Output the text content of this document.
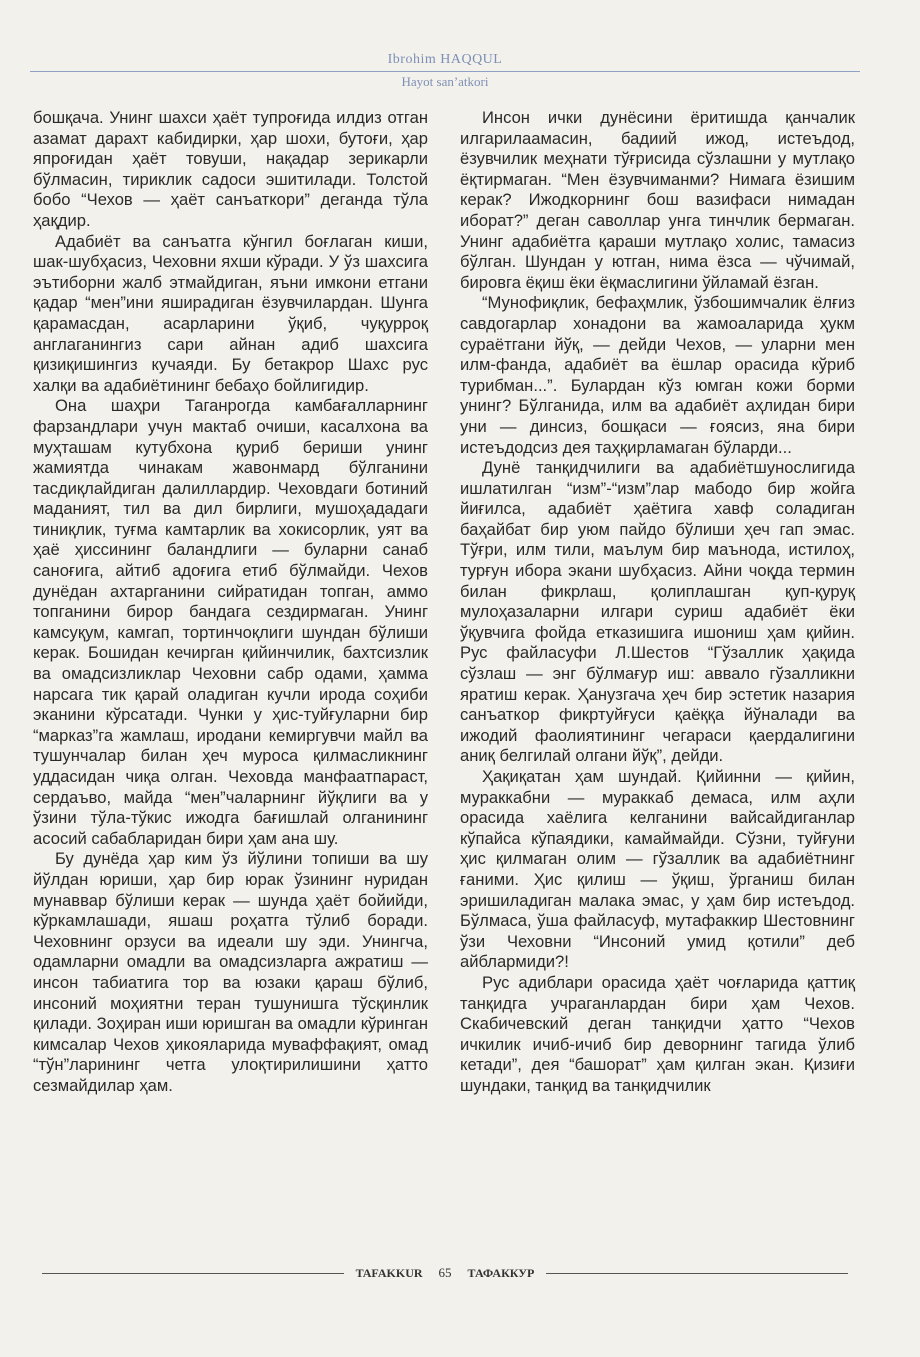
Ibrohim HAQQUL
Hayot san’atkori

бошқача. Унинг шахси ҳаёт тупроғида илдиз отган азамат дарахт кабидирки, ҳар шохи, бутоғи, ҳар япроғидан ҳаёт товуши, нақадар зерикарли бўлмасин, тириклик садоси эшитилади. Толстой бобо “Чехов — ҳаёт санъаткори” деганда тўла ҳақдир.

Адабиёт ва санъатга кўнгил боғлаган киши, шак-шубҳасиз, Чеховни яхши кўради. У ўз шахсига эътиборни жалб этмайдиган, яъни имкони етгани қадар “мен”ини яширадиган ёзувчилардан. Шунга қарамасдан, асарларини ўқиб, чуқурроқ англаганингиз сари айнан адиб шахсига қизиқишингиз кучаяди. Бу бетакрор Шахс рус халқи ва адабиётининг бебаҳо бойлигидир.

Она шаҳри Таганрогда камбағалларнинг фарзандлари учун мактаб очиши, касалхона ва муҳташам кутубхона қуриб бериши унинг жамиятда чинакам жавонмард бўлганини тасдиқлайдиган далиллардир. Чеховдаги ботиний маданият, тил ва дил бирлиги, мушоҳададаги тиниқлик, туғма камтарлик ва хокисорлик, уят ва ҳаё ҳиссининг баландлиги — буларни санаб саноғига, айтиб адоғига етиб бўлмайди. Чехов дунёдан ахтарганини сийратидан топган, аммо топганини бирор бандага сездирмаган. Унинг камсуқум, камгап, тортинчоқлиги шундан бўлиши керак. Бошидан кечирган қийинчилик, бахтсизлик ва омадсизликлар Чеховни сабр одами, ҳамма нарсага тик қарай оладиган кучли ирода соҳиби эканини кўрсатади. Чунки у ҳис-туйғуларни бир “марказ”га жамлаш, иродани кемиргувчи майл ва тушунчалар билан ҳеч муроса қилмасликнинг уддасидан чиқа олган. Чеховда манфаатпараст, сердаъво, майда “мен”чаларнинг йўқлиги ва у ўзини тўла-тўкис ижодга бағишлай олганининг асосий сабабларидан бири ҳам ана шу.

Бу дунёда ҳар ким ўз йўлини топиши ва шу йўлдан юриши, ҳар бир юрак ўзининг нуридан мунаввар бўлиши керак — шунда ҳаёт бойийди, кўркамлашади, яшаш роҳатга тўлиб боради. Чеховнинг орзуси ва идеали шу эди. Унингча, одамларни омадли ва омадсизларга ажратиш — инсон табиатига тор ва юзаки қараш бўлиб, инсоний моҳиятни теран тушунишга тўсқинлик қилади. Зоҳиран иши юришган ва омадли кўринган кимсалар Чехов ҳикояларида муваффақият, омад “тўн”ларининг четга улоқтирилишини ҳатто сезмайдилар ҳам.

Инсон ички дунёсини ёритишда қанчалик илгарилаамасин, бадиий ижод, истеъдод, ёзувчилик меҳнати тўғрисида сўзлашни у мутлақо ёқтирмаган. “Мен ёзувчиманми? Нимага ёзишим керак? Ижодкорнинг бош вазифаси нимадан иборат?” деган саволлар унга тинчлик бермаган. Унинг адабиётга қараши мутлақо холис, тамасиз бўлган. Шундан у ютган, нима ёзса — чўчимай, бировга ёқиш ёки ёқмаслигини ўйламай ёзган.

“Мунофиқлик, бефаҳмлик, ўзбошимчалик ёлғиз савдогарлар хонадони ва жамоаларида ҳукм сураётгани йўқ, — дейди Чехов, — уларни мен илм-фанда, адабиёт ва ёшлар орасида кўриб турибман...”. Булардан кўз юмган кожи борми унинг? Бўлганида, илм ва адабиёт аҳлидан бири уни — динсиз, бошқаси — ғоясиз, яна бири истеъдодсиз дея таҳқирламаган бўларди...

Дунё танқидчилиги ва адабиётшунослигида ишлатилган “изм”-“изм”лар мабодо бир жойга йиғилса, адабиёт ҳаётига хавф соладиган баҳайбат бир уюм пайдо бўлиши ҳеч гап эмас. Тўғри, илм тили, маълум бир маънода, истилоҳ, турғун ибора экани шубҳасиз. Айни чоқда термин билан фикрлаш, қолиплашган қуп-қуруқ мулоҳазаларни илгари суриш адабиёт ёки ўқувчига фойда етказишига ишониш ҳам қийин. Рус файласуфи Л.Шестов “Гўзаллик ҳақида сўзлаш — энг бўлмағур иш: аввало гўзалликни яратиш керак. Ҳанузгача ҳеч бир эстетик назария санъаткор фикртуйғуси қаёққа йўналади ва ижодий фаолиятининг чегараси қаердалигини аниқ белгилай олгани йўқ”, дейди.

Ҳақиқатан ҳам шундай. Қийинни — қийин, мураккабни — мураккаб демаса, илм аҳли орасида хаёлига келганини вайсайдиганлар кўпайса кўпаядики, камаймайди. Сўзни, туйғуни ҳис қилмаган олим — гўзаллик ва адабиётнинг ғаними. Ҳис қилиш — ўқиш, ўрганиш билан эришиладиган малака эмас, у ҳам бир истеъдод. Бўлмаса, ўша файласуф, мутафаккир Шестовнинг ўзи Чеховни “Инсоний умид қотили” деб айблармиди?!

Рус адиблари орасида ҳаёт чоғларида қаттиқ танқидга учраганлардан бири ҳам Чехов. Скабичевский деган танқидчи ҳатто “Чехов ичкилик ичиб-ичиб бир деворнинг тагида ўлиб кетади”, дея “башорат” ҳам қилган экан. Қизиғи шундаки, танқид ва танқидчилик

TAFAKKUR 65 ТАФАККУР
